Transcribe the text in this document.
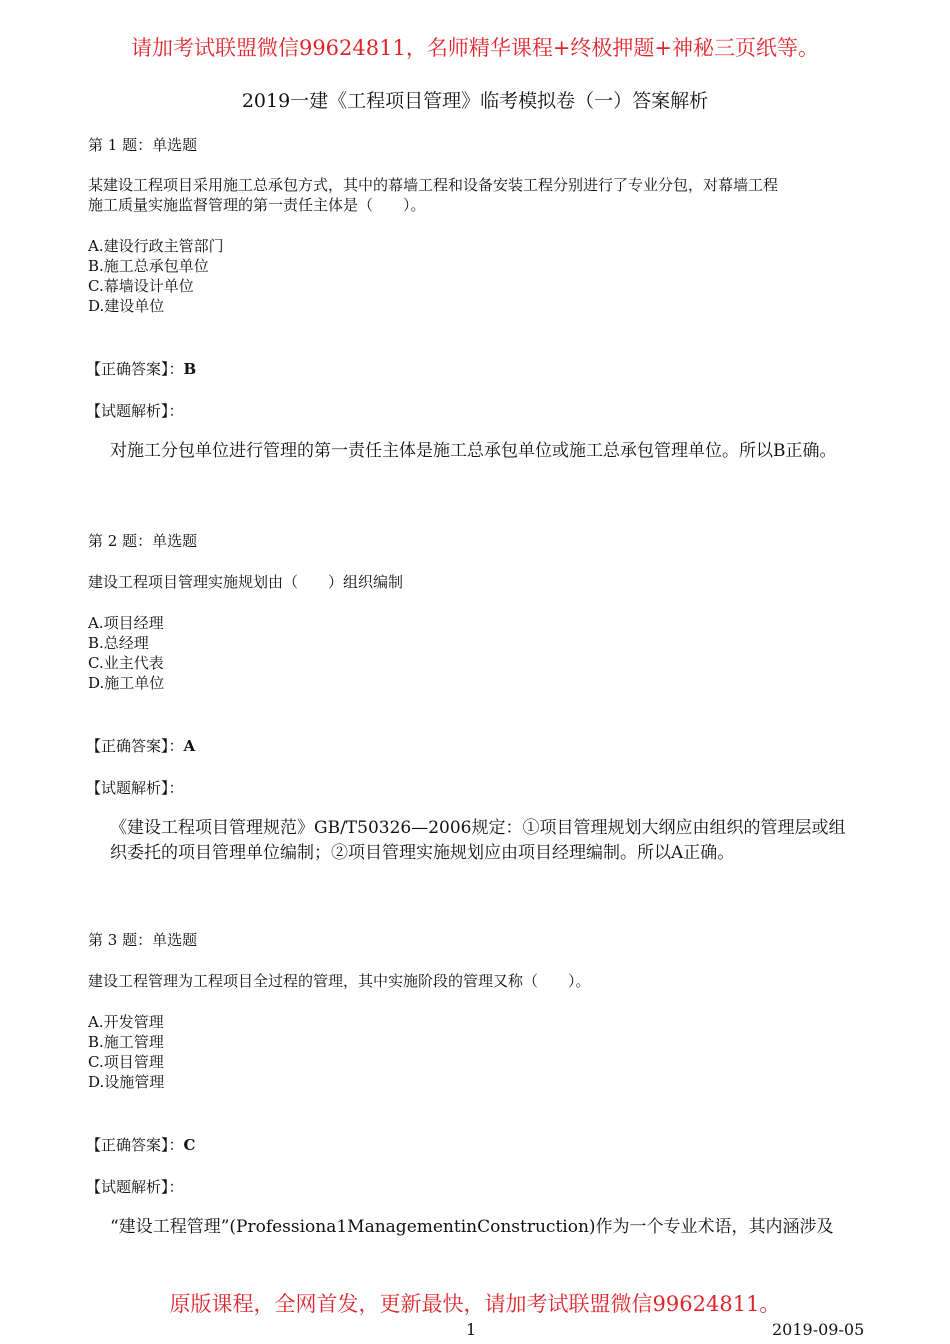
请加考试联盟微信99624811，名师精华课程+终极押题+神秘三页纸等。
2019一建《工程项目管理》临考模拟卷（一）答案解析
第 1 题：单选题
某建设工程项目采用施工总承包方式，其中的幕墙工程和设备安装工程分别进行了专业分包，对幕墙工程
施工质量实施监督管理的第一责任主体是（　　）。
A.建设行政主管部门
B.施工总承包单位
C.幕墙设计单位
D.建设单位
【正确答案】：B
【试题解析】：
对施工分包单位进行管理的第一责任主体是施工总承包单位或施工总承包管理单位。所以B正确。
第 2 题：单选题
建设工程项目管理实施规划由（　　）组织编制
A.项目经理
B.总经理
C.业主代表
D.施工单位
【正确答案】：A
【试题解析】：
《建设工程项目管理规范》GB/T50326—2006规定：①项目管理规划大纲应由组织的管理层或组织委托的项目管理单位编制；②项目管理实施规划应由项目经理编制。所以A正确。
第 3 题：单选题
建设工程管理为工程项目全过程的管理，其中实施阶段的管理又称（　　）。
A.开发管理
B.施工管理
C.项目管理
D.设施管理
【正确答案】：C
【试题解析】：
“建设工程管理”(Professiona1ManagementinConstruction)作为一个专业术语，其内涵涉及
原版课程，全网首发，更新最快，请加考试联盟微信99624811。
1	2019-09-05
